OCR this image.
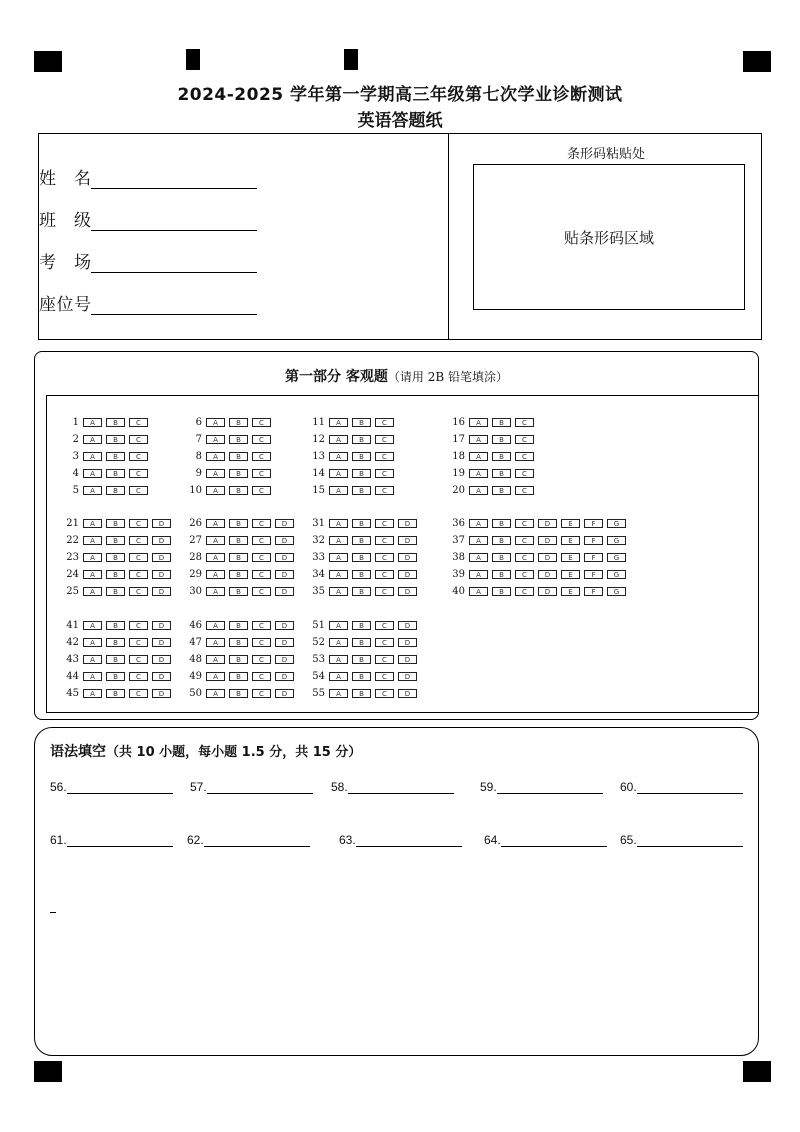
2024-2025 学年第一学期高三年级第七次学业诊断测试
英语答题纸
姓　名
班　级
考　场
座位号
条形码粘贴处
贴条形码区域
第一部分 客观题（请用 2B 铅笔填涂）
1	A	B	C
2	A	B	C
3	A	B	C
4	A	B	C
5	A	B	C
6	A	B	C
7	A	B	C
8	A	B	C
9	A	B	C
10	A	B	C
11	A	B	C
12	A	B	C
13	A	B	C
14	A	B	C
15	A	B	C
16	A	B	C
17	A	B	C
18	A	B	C
19	A	B	C
20	A	B	C
21	A	B	C	D
22	A	B	C	D
23	A	B	C	D
24	A	B	C	D
25	A	B	C	D
26	A	B	C	D
27	A	B	C	D
28	A	B	C	D
29	A	B	C	D
30	A	B	C	D
31	A	B	C	D
32	A	B	C	D
33	A	B	C	D
34	A	B	C	D
35	A	B	C	D
36	A	B	C	D	E	F	G
37	A	B	C	D	E	F	G
38	A	B	C	D	E	F	G
39	A	B	C	D	E	F	G
40	A	B	C	D	E	F	G
41	A	B	C	D
42	A	B	C	D
43	A	B	C	D
44	A	B	C	D
45	A	B	C	D
46	A	B	C	D
47	A	B	C	D
48	A	B	C	D
49	A	B	C	D
50	A	B	C	D
51	A	B	C	D
52	A	B	C	D
53	A	B	C	D
54	A	B	C	D
55	A	B	C	D
语法填空（共 10 小题，每小题 1.5 分，共 15 分）
56.	57.	58.	59.	60.
61.	62.	63.	64.	65.
